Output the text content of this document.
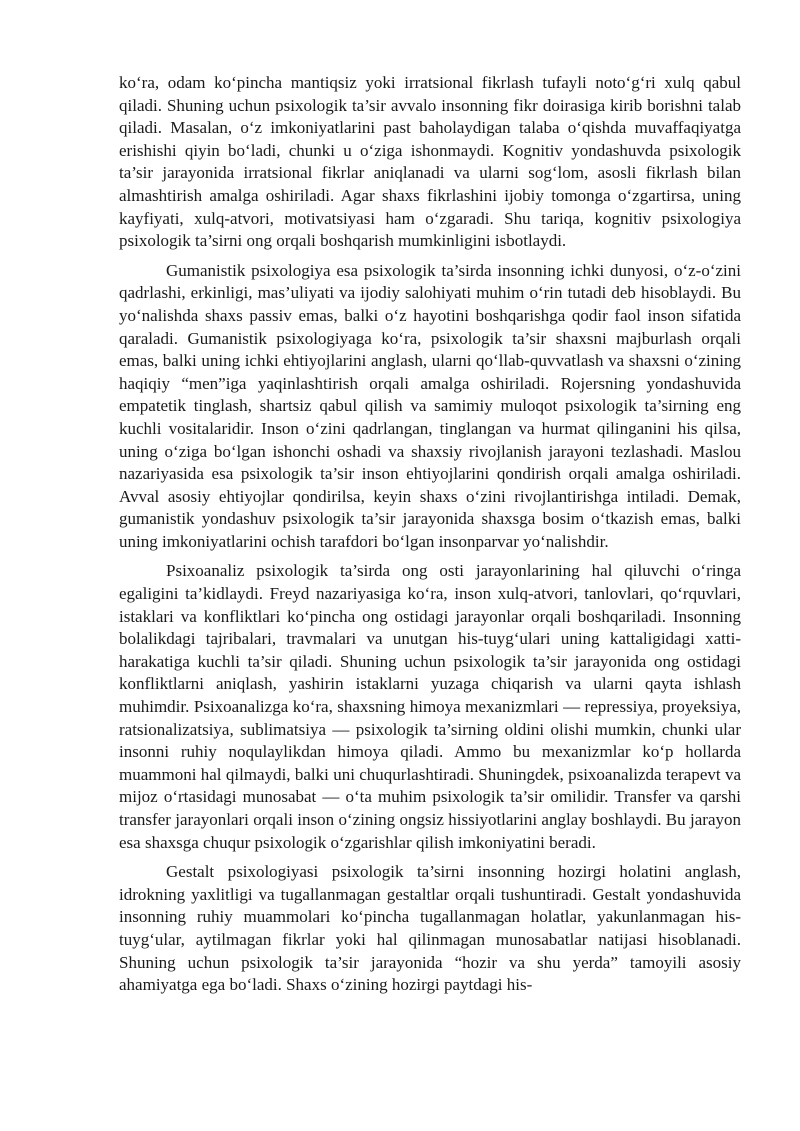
ko‘ra, odam ko‘pincha mantiqsiz yoki irratsional fikrlash tufayli noto‘g‘ri xulq qabul qiladi. Shuning uchun psixologik ta’sir avvalo insonning fikr doirasiga kirib borishni talab qiladi. Masalan, o‘z imkoniyatlarini past baholaydigan talaba o‘qishda muvaffaqiyatga erishishi qiyin bo‘ladi, chunki u o‘ziga ishonmaydi. Kognitiv yondashuvda psixologik ta’sir jarayonida irratsional fikrlar aniqlanadi va ularni sog‘lom, asosli fikrlash bilan almashtirish amalga oshiriladi. Agar shaxs fikrlashini ijobiy tomonga o‘zgartirsa, uning kayfiyati, xulq-atvori, motivatsiyasi ham o‘zgaradi. Shu tariqa, kognitiv psixologiya psixologik ta’sirni ong orqali boshqarish mumkinligini isbotlaydi.

Gumanistik psixologiya esa psixologik ta’sirda insonning ichki dunyosi, o‘z-o‘zini qadrlashi, erkinligi, mas’uliyati va ijodiy salohiyati muhim o‘rin tutadi deb hisoblaydi. Bu yo‘nalishda shaxs passiv emas, balki o‘z hayotini boshqarishga qodir faol inson sifatida qaraladi. Gumanistik psixologiyaga ko‘ra, psixologik ta’sir shaxsni majburlash orqali emas, balki uning ichki ehtiyojlarini anglash, ularni qo‘llab-quvvatlash va shaxsni o‘zining haqiqiy “men”iga yaqinlashtirish orqali amalga oshiriladi. Rojersning yondashuvida empatetik tinglash, shartsiz qabul qilish va samimiy muloqot psixologik ta’sirning eng kuchli vositalaridir. Inson o‘zini qadrlangan, tinglangan va hurmat qilinganini his qilsa, uning o‘ziga bo‘lgan ishonchi oshadi va shaxsiy rivojlanish jarayoni tezlashadi. Maslou nazariyasida esa psixologik ta’sir inson ehtiyojlarini qondirish orqali amalga oshiriladi. Avval asosiy ehtiyojlar qondirilsa, keyin shaxs o‘zini rivojlantirishga intiladi. Demak, gumanistik yondashuv psixologik ta’sir jarayonida shaxsga bosim o‘tkazish emas, balki uning imkoniyatlarini ochish tarafdori bo‘lgan insonparvar yo‘nalishdir.

Psixoanaliz psixologik ta’sirda ong osti jarayonlarining hal qiluvchi o‘ringa egaligini ta’kidlaydi. Freyd nazariyasiga ko‘ra, inson xulq-atvori, tanlovlari, qo‘rquvlari, istaklari va konfliktlari ko‘pincha ong ostidagi jarayonlar orqali boshqariladi. Insonning bolalikdagi tajribalari, travmalari va unutgan his-tuyg‘ulari uning kattaligidagi xatti-harakatiga kuchli ta’sir qiladi. Shuning uchun psixologik ta’sir jarayonida ong ostidagi konfliktlarni aniqlash, yashirin istaklarni yuzaga chiqarish va ularni qayta ishlash muhimdir. Psixoanalizga ko‘ra, shaxsning himoya mexanizmlari — repressiya, proyeksiya, ratsionalizatsiya, sublimatsiya — psixologik ta’sirning oldini olishi mumkin, chunki ular insonni ruhiy noqulaylikdan himoya qiladi. Ammo bu mexanizmlar ko‘p hollarda muammoni hal qilmaydi, balki uni chuqurlashtiradi. Shuningdek, psixoanalizda terapevt va mijoz o‘rtasidagi munosabat — o‘ta muhim psixologik ta’sir omilidir. Transfer va qarshi transfer jarayonlari orqali inson o‘zining ongsiz hissiyotlarini anglay boshlaydi. Bu jarayon esa shaxsga chuqur psixologik o‘zgarishlar qilish imkoniyatini beradi.

Gestalt psixologiyasi psixologik ta’sirni insonning hozirgi holatini anglash, idrokning yaxlitligi va tugallanmagan gestaltlar orqali tushuntiradi. Gestalt yondashuvida insonning ruhiy muammolari ko‘pincha tugallanmagan holatlar, yakunlanmagan his-tuyg‘ular, aytilmagan fikrlar yoki hal qilinmagan munosabatlar natijasi hisoblanadi. Shuning uchun psixologik ta’sir jarayonida “hozir va shu yerda” tamoyili asosiy ahamiyatga ega bo‘ladi. Shaxs o‘zining hozirgi paytdagi his-
